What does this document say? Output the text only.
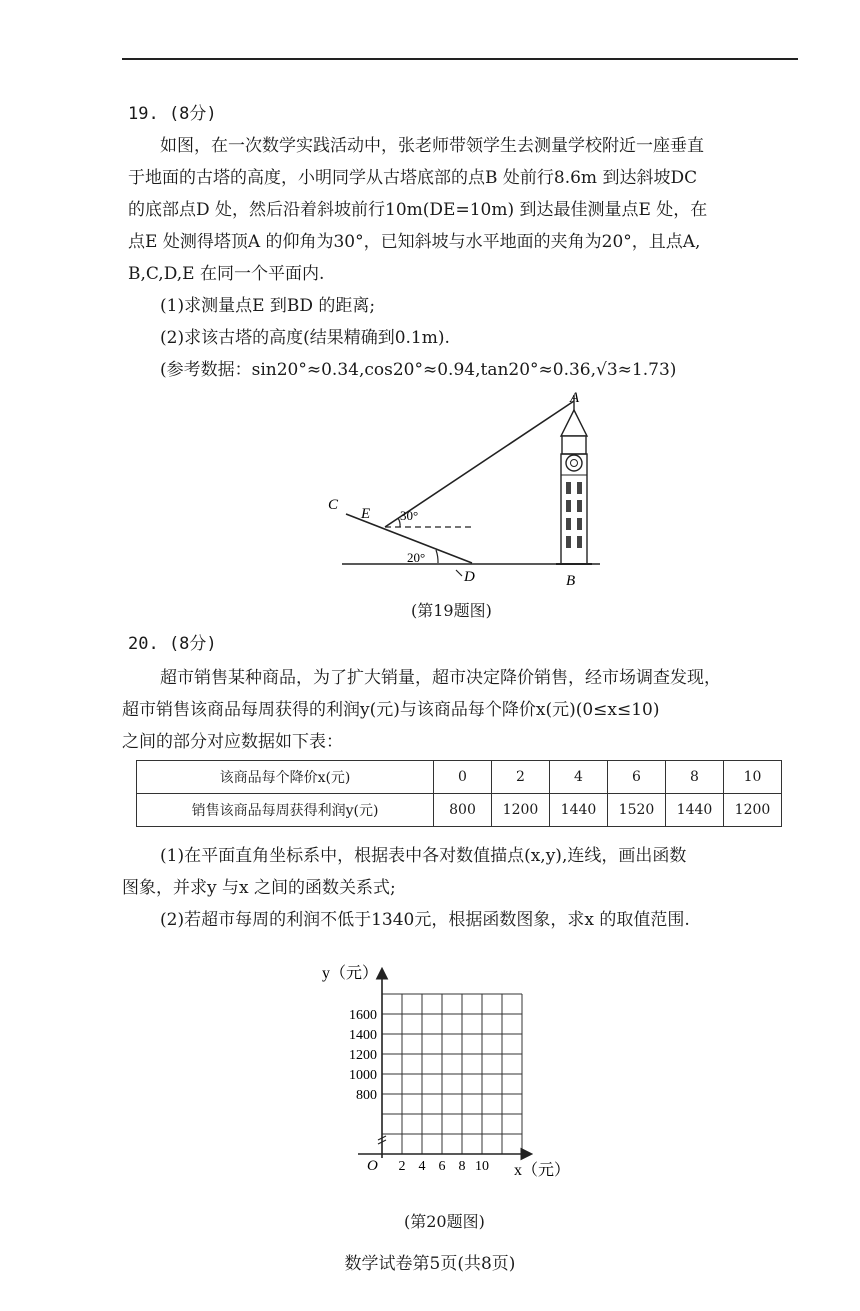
19. (8分)
如图，在一次数学实践活动中，张老师带领学生去测量学校附近一座垂直
于地面的古塔的高度，小明同学从古塔底部的点B 处前行8.6m 到达斜坡DC
的底部点D 处，然后沿着斜坡前行10m(DE=10m) 到达最佳测量点E 处，在
点E 处测得塔顶A 的仰角为30°，已知斜坡与水平地面的夹角为20°，且点A,
B,C,D,E 在同一个平面内.
(1)求测量点E 到BD 的距离;
(2)求该古塔的高度(结果精确到0.1m).
(参考数据：sin20°≈0.34,cos20°≈0.94,tan20°≈0.36,√3≈1.73)
A
B
C
D
E 30°
20°
(第19题图)
20. (8分)
超市销售某种商品，为了扩大销量，超市决定降价销售，经市场调查发现，
超市销售该商品每周获得的利润y(元)与该商品每个降价x(元)(0≤x≤10)
之间的部分对应数据如下表：
该商品每个降价x(元)	0	2	4	6	8	10
销售该商品每周获得利润y(元)	800	1200	1440	1520	1440	1200
(1)在平面直角坐标系中，根据表中各对数值描点(x,y),连线，画出函数
图象，并求y 与x 之间的函数关系式;
(2)若超市每周的利润不低于1340元，根据函数图象，求x 的取值范围.
y（元）
x（元）
O
1600
1400
1200
1000
800
2 4 6 8 10
(第20题图)
数学试卷第5页(共8页)
